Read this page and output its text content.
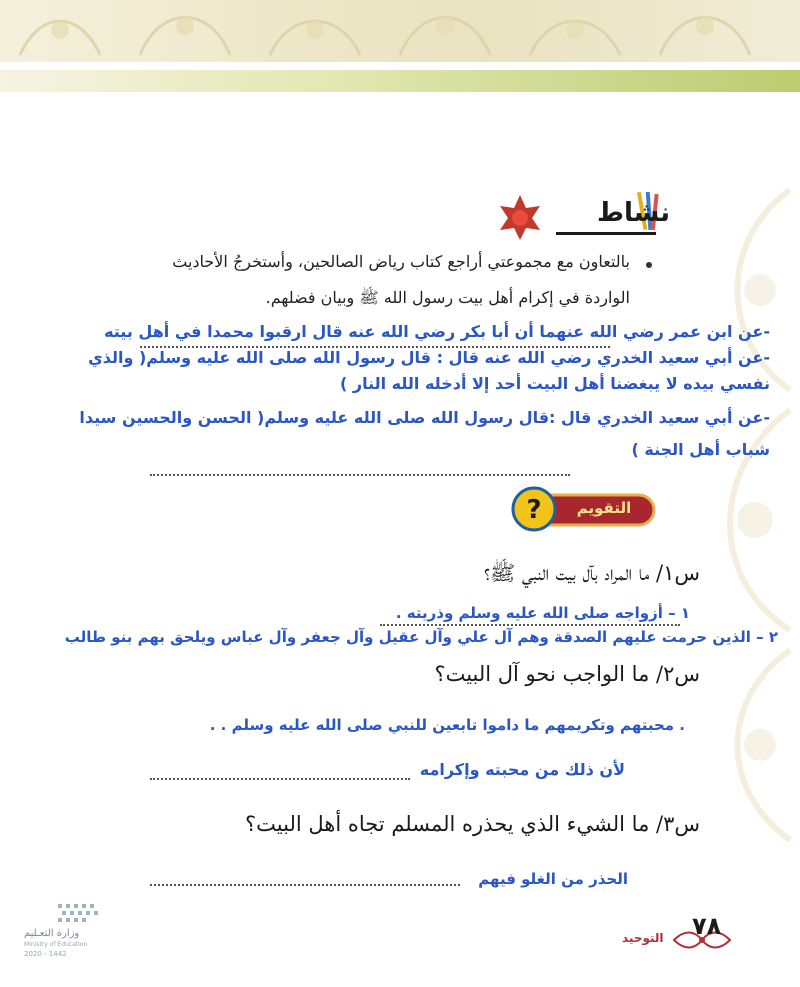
نشاط
بالتعاون مع مجموعتي أراجع كتاب رياض الصالحين، وأستخرجُ الأحاديث
الواردة في إكرام أهل بيت رسول الله ﷺ وبيان فضلهم.
-عن ابن عمر رضي الله عنهما أن أبا بكر رضي الله عنه قال ارقبوا محمدا في أهل بيته
-عن أبي سعيد الخدري رضي الله عنه قال : قال رسول الله صلى الله عليه وسلم( والذي
نفسي بيده لا يبغضنا أهل البيت أحد إلا أدخله الله النار )
-عن أبي سعيد الخدري قال :قال رسول الله صلى الله عليه وسلم( الحسن والحسين سيدا
شباب أهل الجنة )
?	التقويم
س١/ ما المراد بآل بيت النبي ﷺ؟
١ – أزواجه صلى الله عليه وسلم وذريته .
٢ – الذين حرمت عليهم الصدقة وهم آل علي وآل عقيل وآل جعفر وآل عباس ويلحق بهم بنو طالب
س٢/ ما الواجب نحو آل البيت؟
. محبتهم وتكريمهم ما داموا تابعين للنبي صلى الله عليه وسلم . .
لأن ذلك من محبته وإكرامه
س٣/ ما الشيء الذي يحذره المسلم تجاه أهل البيت؟
الحذر من الغلو فيهم
وزارة التعـليم
Ministry of Education
2020 - 1442
٧٨
التوحيد
